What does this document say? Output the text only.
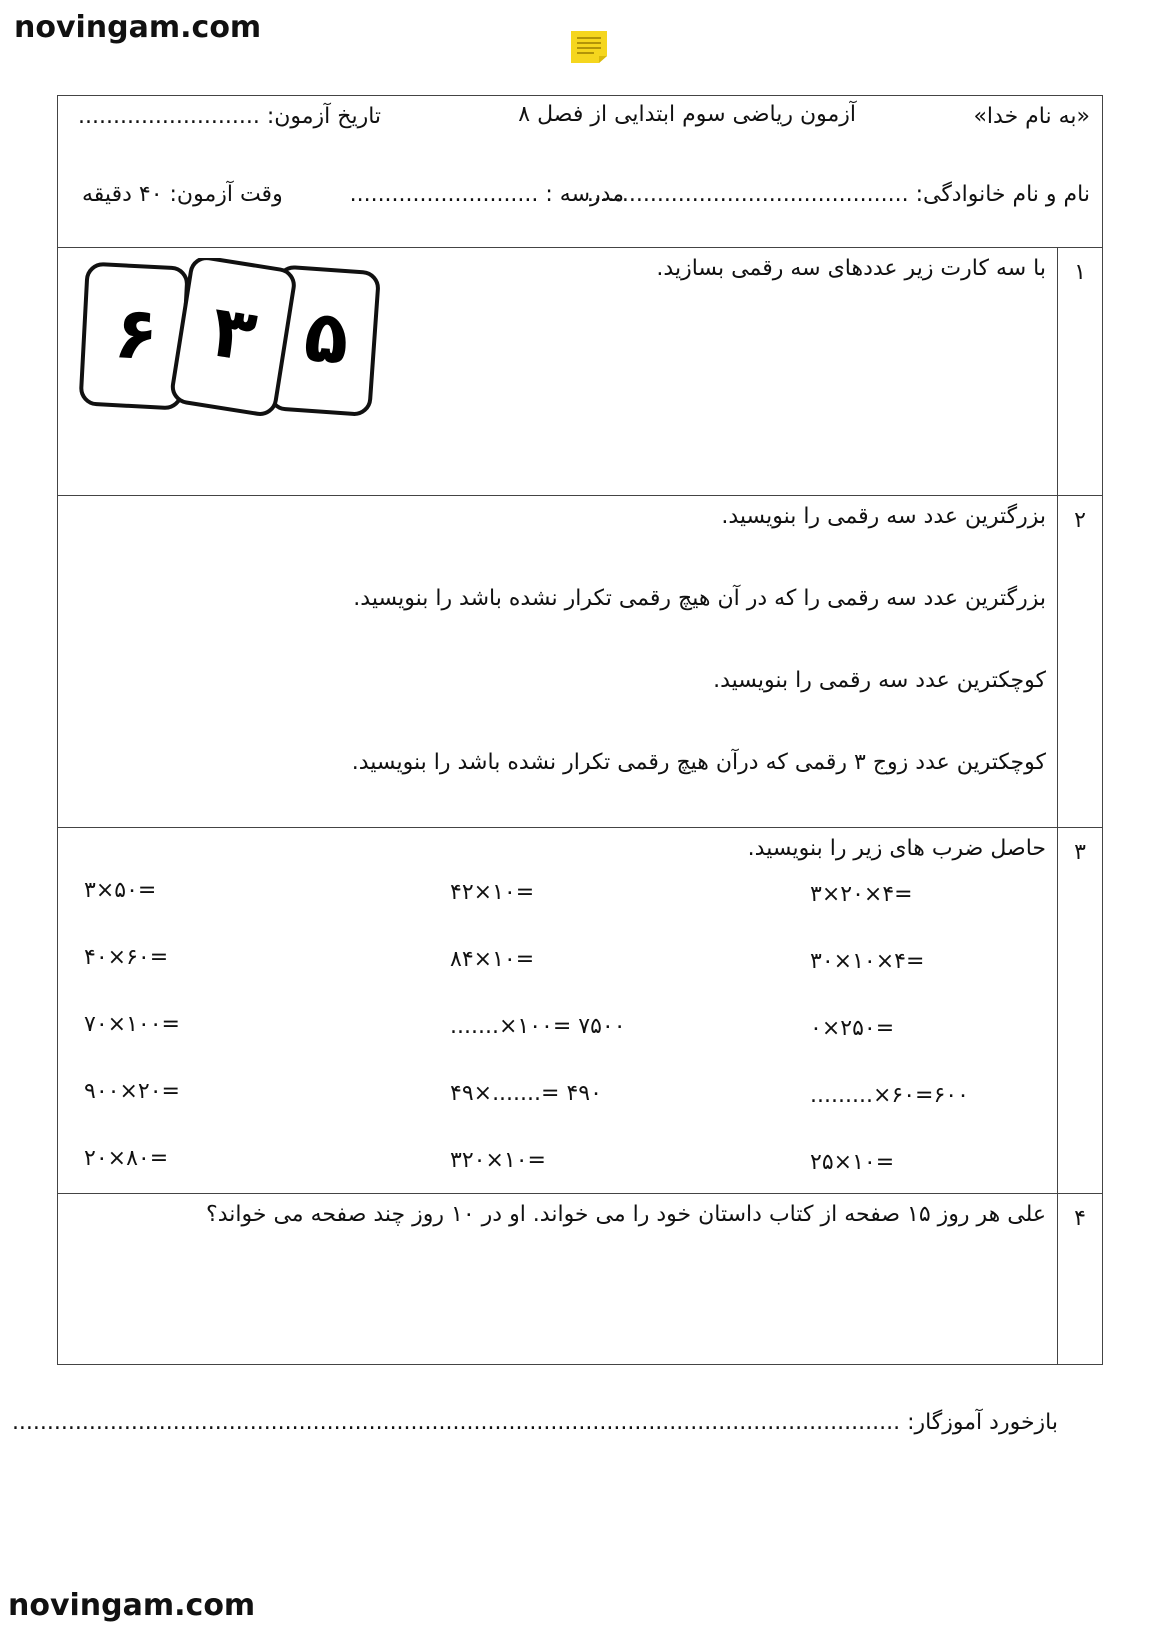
novingam.com
«به نام خدا»
آزمون ریاضی سوم ابتدایی از فصل ۸
تاریخ آزمون: ..........................
نام و نام خانوادگی: ..............................................
مدرسه : ...........................
وقت آزمون: ۴۰ دقیقه
۱
با سه کارت زیر عددهای سه رقمی بسازید.
۶ ۵
۳
۲
بزرگترین عدد سه رقمی را بنویسید.
بزرگترین عدد سه رقمی را که در آن هیچ رقمی تکرار نشده باشد را بنویسید.
کوچکترین عدد سه رقمی را بنویسید.
کوچکترین عدد زوج ۳ رقمی که درآن هیچ رقمی تکرار نشده باشد را بنویسید.
۳
حاصل ضرب های زیر را بنویسید.
۳×۲۰×۴=
۳۰×۱۰×۴=
۰×۲۵۰=
.........×۶۰=۶۰۰
۲۵×۱۰=
۴۲×۱۰=
۸۴×۱۰=
.......×۱۰۰= ۷۵۰۰
۴۹×.......= ۴۹۰
۳۲۰×۱۰=
۳×۵۰=
۴۰×۶۰=
۷۰×۱۰۰=
۹۰۰×۲۰=
۲۰×۸۰=
۴
علی هر روز ۱۵ صفحه از کتاب داستان خود را می خواند. او در ۱۰ روز چند صفحه می خواند؟
بازخورد آموزگار: ...............................................................................................................................
novingam.com
